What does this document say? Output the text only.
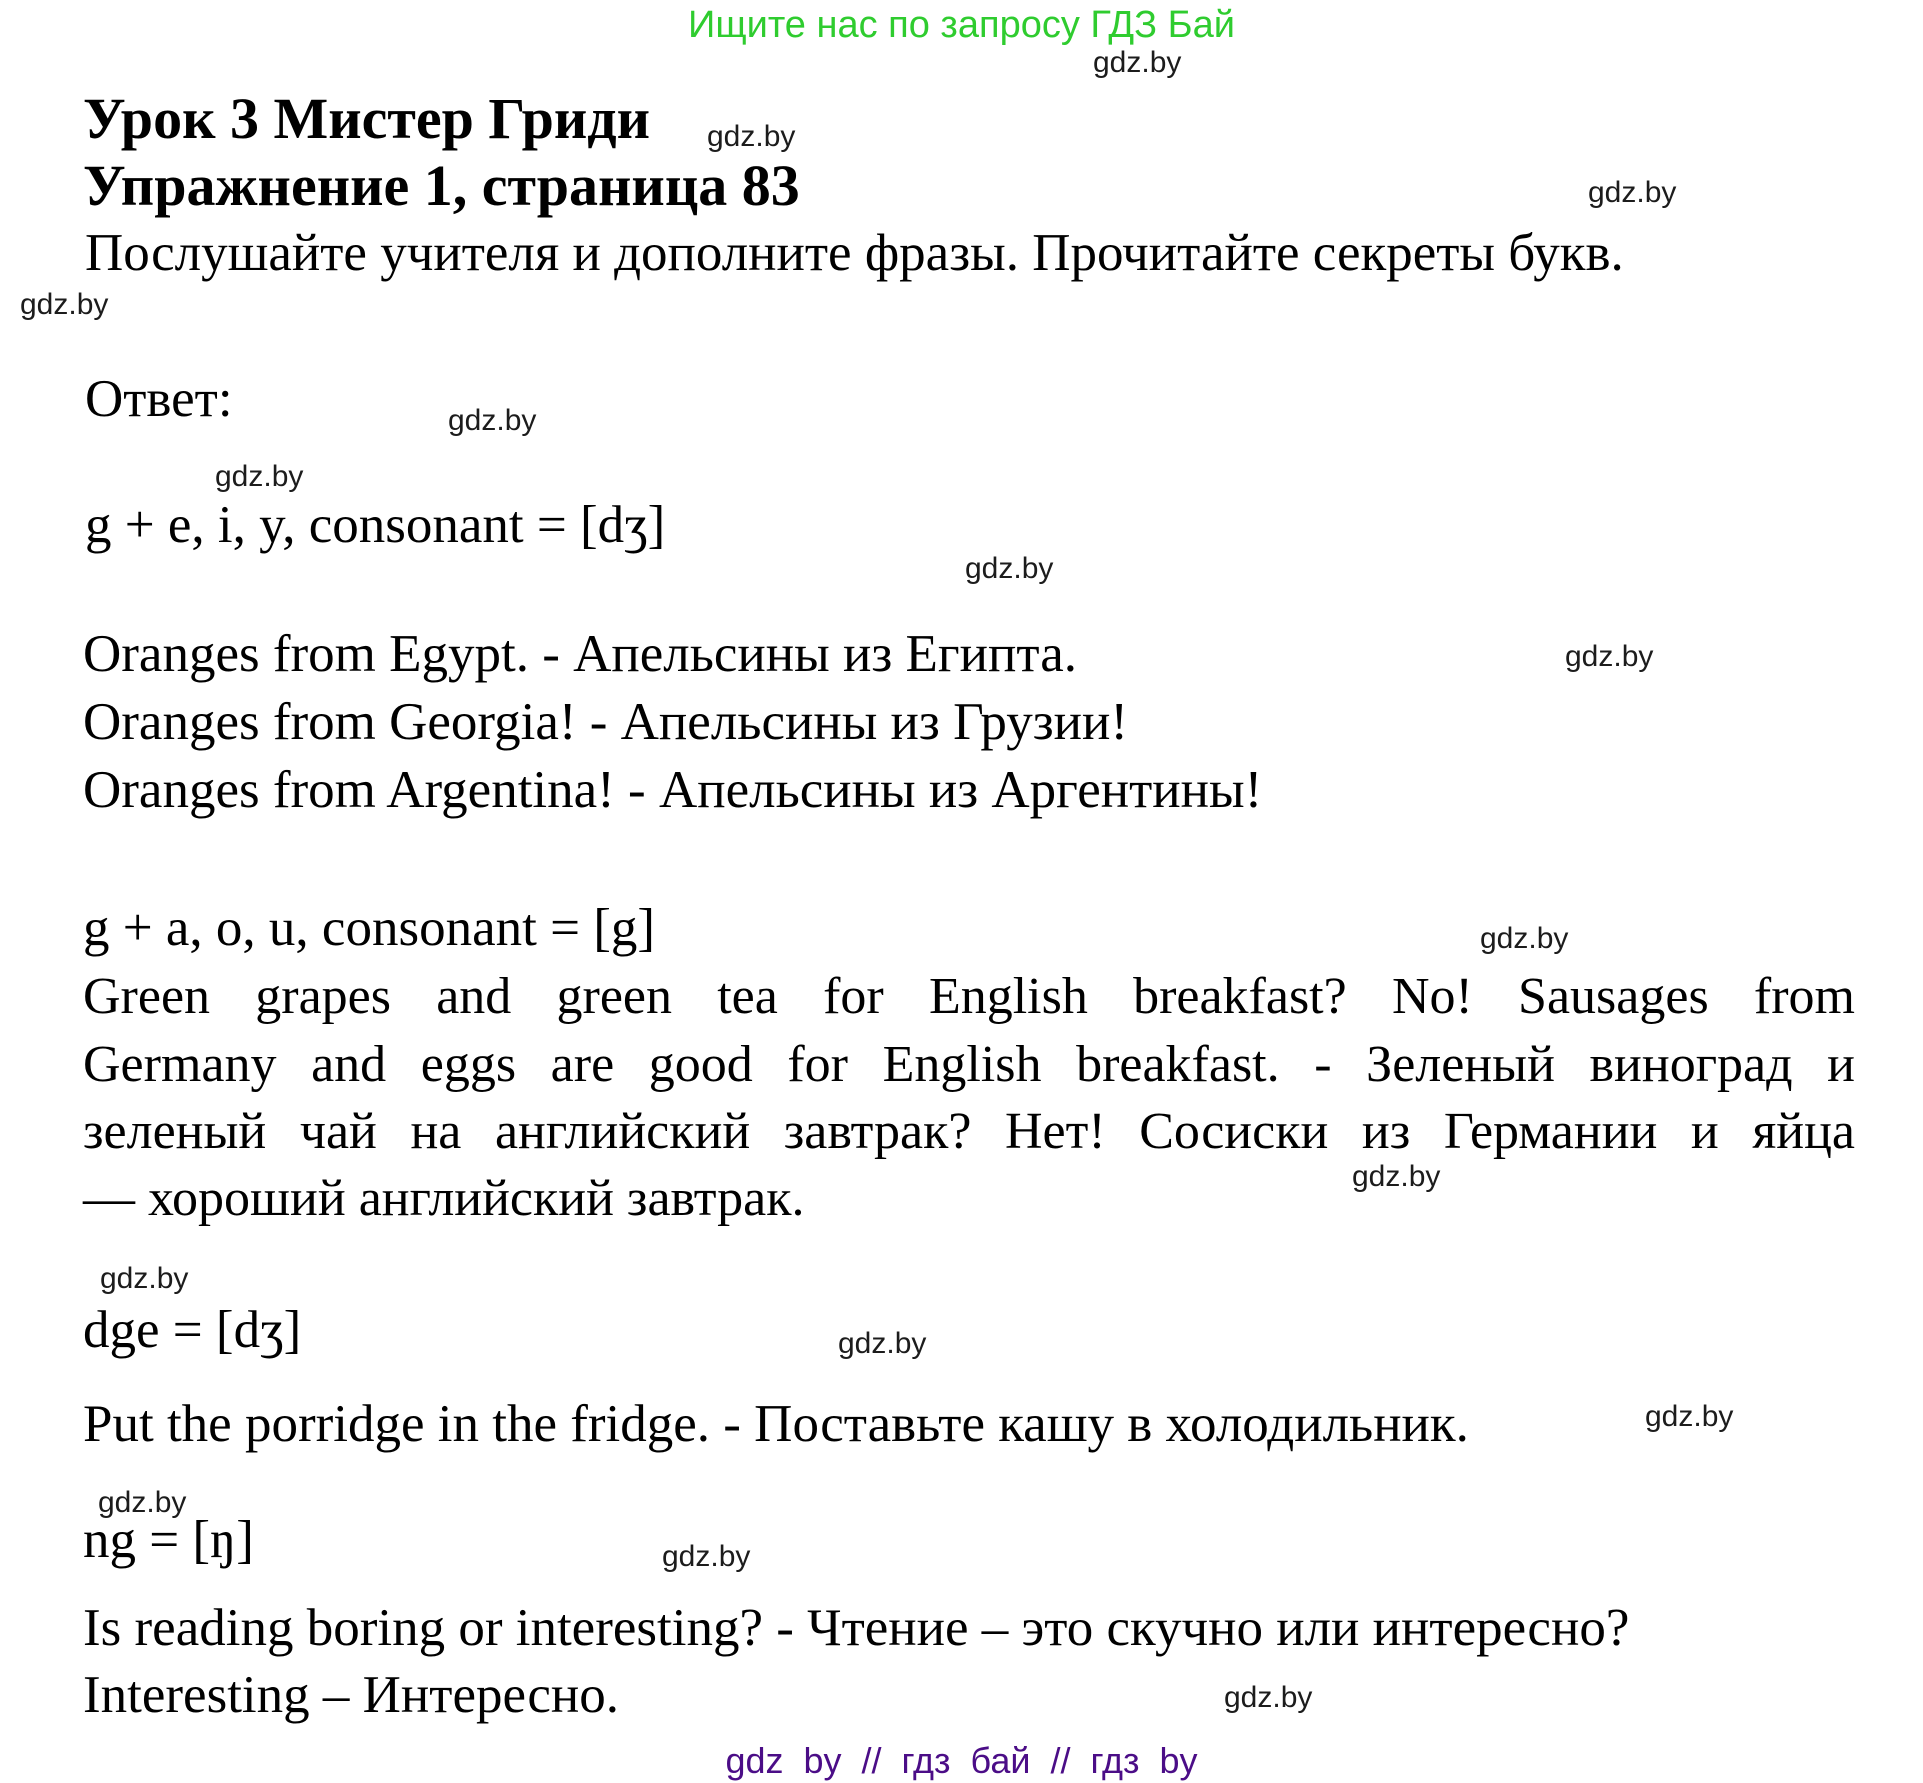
Ищите нас по запросу ГДЗ Бай
Урок 3 Мистер Гриди
Упражнение 1, страница 83
Послушайте учителя и дополните фразы. Прочитайте секреты букв.
Ответ:
g + e, i, y, consonant = [dʒ]
Oranges from Egypt. - Апельсины из Египта.
Oranges from Georgia! - Апельсины из Грузии!
Oranges from Argentina! - Апельсины из Аргентины!
g + a, o, u, consonant = [g]
Green grapes and green tea for English breakfast? No! Sausages from
Germany and eggs are good for English breakfast. - Зеленый виноград и
зеленый чай на английский завтрак? Нет! Сосиски из Германии и яйца
— хороший английский завтрак.
dge = [dʒ]
Put the porridge in the fridge. - Поставьте кашу в холодильник.
ng = [ŋ]
Is reading boring or interesting? - Чтение – это скучно или интересно?
Interesting – Интересно.
gdz by // гдз бай // гдз by
gdz.by
gdz.by
gdz.by
gdz.by
gdz.by
gdz.by
gdz.by
gdz.by
gdz.by
gdz.by
gdz.by
gdz.by
gdz.by
gdz.by
gdz.by
gdz.by
